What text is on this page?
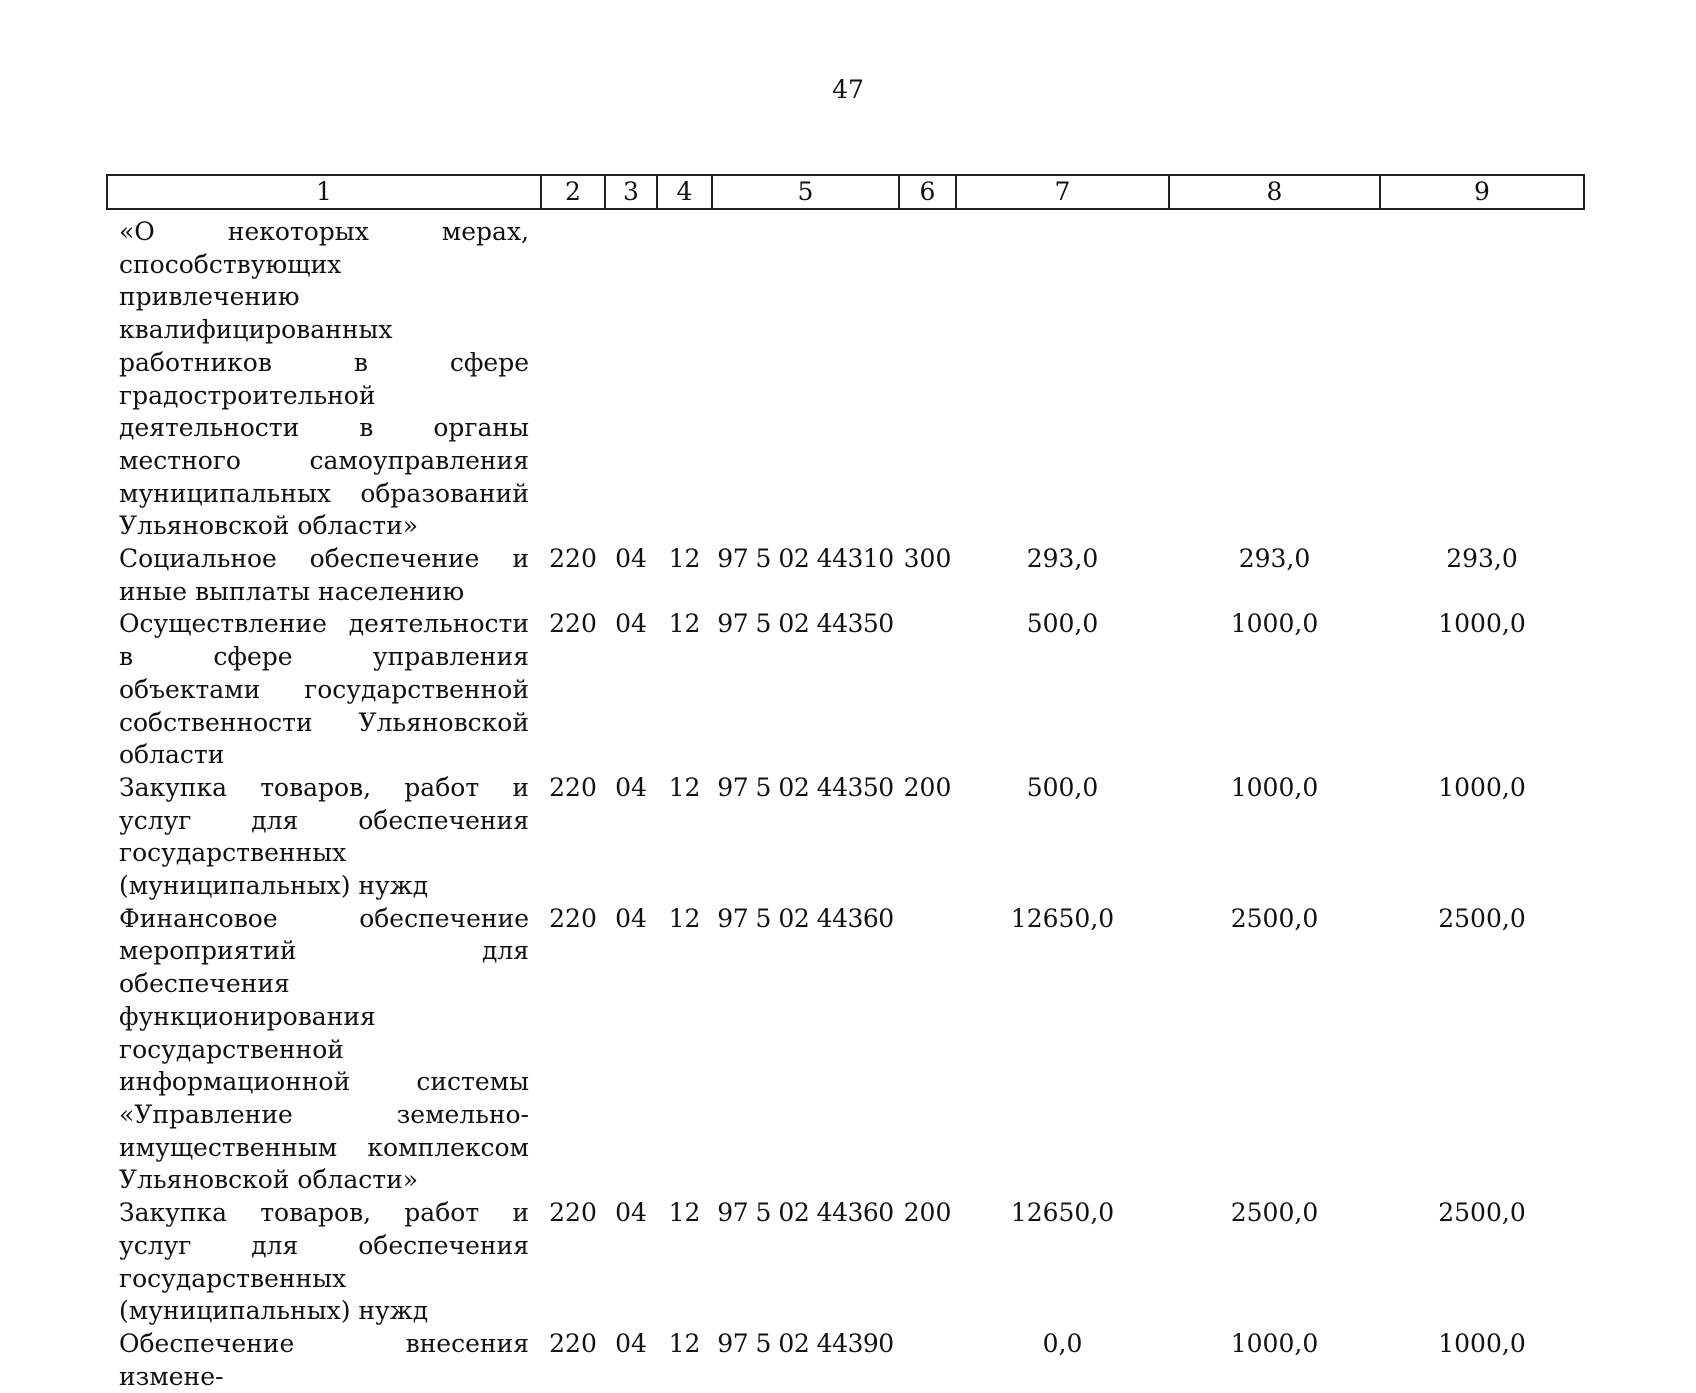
47
1	2	3	4	5	6	7	8	9
«О некоторых мерах, способствующих привлечению квалифицированных работников в сфере градостроительной деятельности в органы местного самоуправления муниципальных образований Ульяновской области»								
Социальное обеспечение и иные выплаты населению	220	04	12	97 5 02 44310	300	293,0	293,0	293,0
Осуществление деятельности в сфере управления объектами государственной собственности Ульяновской области	220	04	12	97 5 02 44350		500,0	1000,0	1000,0
Закупка товаров, работ и услуг для обеспечения государственных (муниципальных) нужд	220	04	12	97 5 02 44350	200	500,0	1000,0	1000,0
Финансовое обеспечение мероприятий для обеспечения функционирования государственной информационной системы «Управление земельно-имущественным комплексом Ульяновской области»	220	04	12	97 5 02 44360		12650,0	2500,0	2500,0
Закупка товаров, работ и услуг для обеспечения государственных (муниципальных) нужд	220	04	12	97 5 02 44360	200	12650,0	2500,0	2500,0
Обеспечение внесения измене-	220	04	12	97 5 02 44390		0,0	1000,0	1000,0
